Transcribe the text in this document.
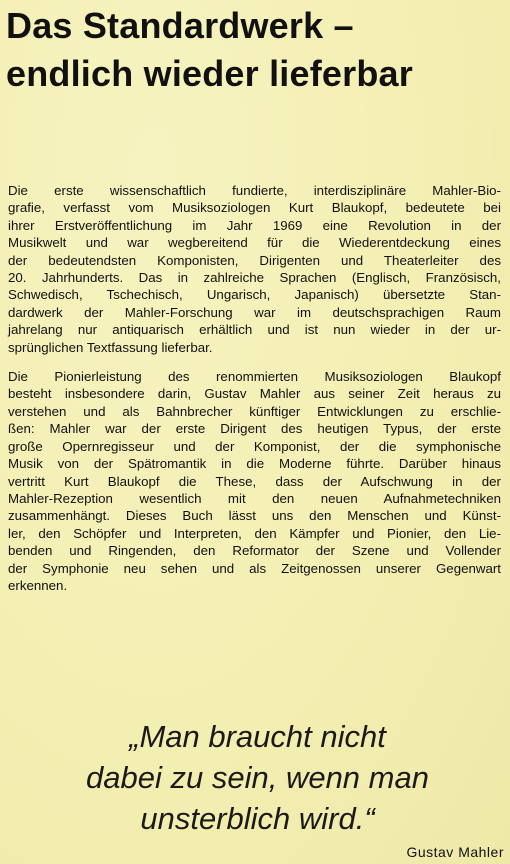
Das Standardwerk –
endlich wieder lieferbar

Die erste wissenschaftlich fundierte, interdisziplinäre Mahler-Bio-
grafie, verfasst vom Musiksoziologen Kurt Blaukopf, bedeutete bei
ihrer Erstveröffentlichung im Jahr 1969 eine Revolution in der
Musikwelt und war wegbereitend für die Wiederentdeckung eines
der bedeutendsten Komponisten, Dirigenten und Theaterleiter des
20. Jahrhunderts. Das in zahlreiche Sprachen (Englisch, Französisch,
Schwedisch, Tschechisch, Ungarisch, Japanisch) übersetzte Stan-
dardwerk der Mahler-Forschung war im deutschsprachigen Raum
jahrelang nur antiquarisch erhältlich und ist nun wieder in der ur-
sprünglichen Textfassung lieferbar.

Die Pionierleistung des renommierten Musiksoziologen Blaukopf
besteht insbesondere darin, Gustav Mahler aus seiner Zeit heraus zu
verstehen und als Bahnbrecher künftiger Entwicklungen zu erschlie-
ßen: Mahler war der erste Dirigent des heutigen Typus, der erste
große Opernregisseur und der Komponist, der die symphonische
Musik von der Spätromantik in die Moderne führte. Darüber hinaus
vertritt Kurt Blaukopf die These, dass der Aufschwung in der
Mahler-Rezeption wesentlich mit den neuen Aufnahmetechniken
zusammenhängt. Dieses Buch lässt uns den Menschen und Künst-
ler, den Schöpfer und Interpreten, den Kämpfer und Pionier, den Lie-
benden und Ringenden, den Reformator der Szene und Vollender
der Symphonie neu sehen und als Zeitgenossen unserer Gegenwart
erkennen.

„Man braucht nicht
dabei zu sein, wenn man
unsterblich wird.“

Gustav Mahler
